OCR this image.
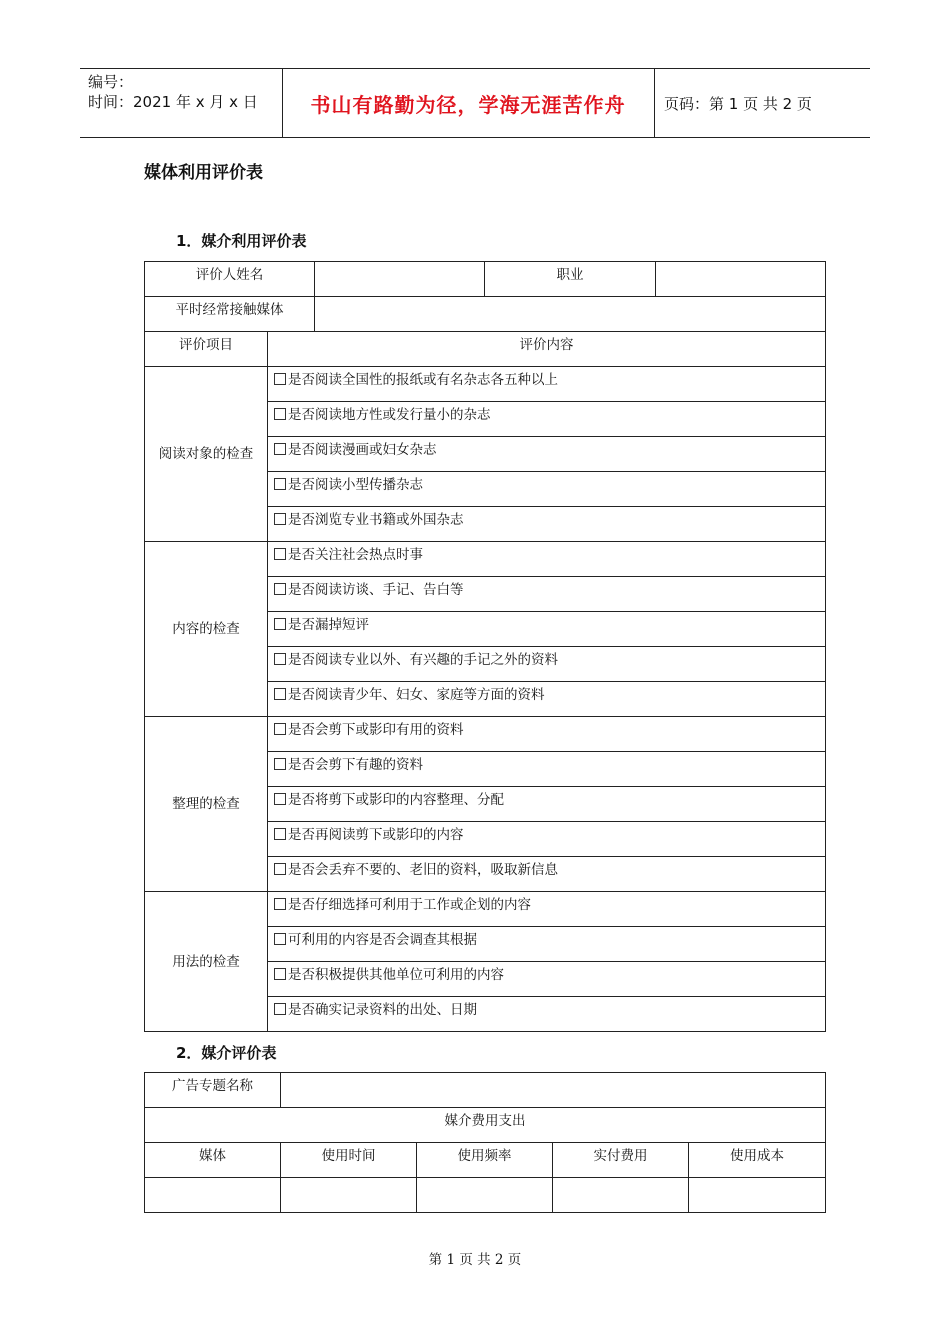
编号：
时间：2021 年 x 月 x 日	书山有路勤为径，学海无涯苦作舟	页码：第 1 页 共 2 页
媒体利用评价表
1．媒介利用评价表
评价人姓名			职业	
平时经常接触媒体				
评价项目	评价内容			
阅读对象的检查	是否阅读全国性的报纸或有名杂志各五种以上			
	是否阅读地方性或发行量小的杂志			
	是否阅读漫画或妇女杂志			
	是否阅读小型传播杂志			
	是否浏览专业书籍或外国杂志			
内容的检查	是否关注社会热点时事			
	是否阅读访谈、手记、告白等			
	是否漏掉短评			
	是否阅读专业以外、有兴趣的手记之外的资料			
	是否阅读青少年、妇女、家庭等方面的资料			
整理的检查	是否会剪下或影印有用的资料			
	是否会剪下有趣的资料			
	是否将剪下或影印的内容整理、分配			
	是否再阅读剪下或影印的内容			
	是否会丢弃不要的、老旧的资料，吸取新信息			
用法的检查	是否仔细选择可利用于工作或企划的内容			
	可利用的内容是否会调查其根据			
	是否积极提供其他单位可利用的内容			
	是否确实记录资料的出处、日期			
2．媒介评价表
广告专题名称				
媒介费用支出				
媒体	使用时间	使用频率	实付费用	使用成本

第 1 页 共 2 页
